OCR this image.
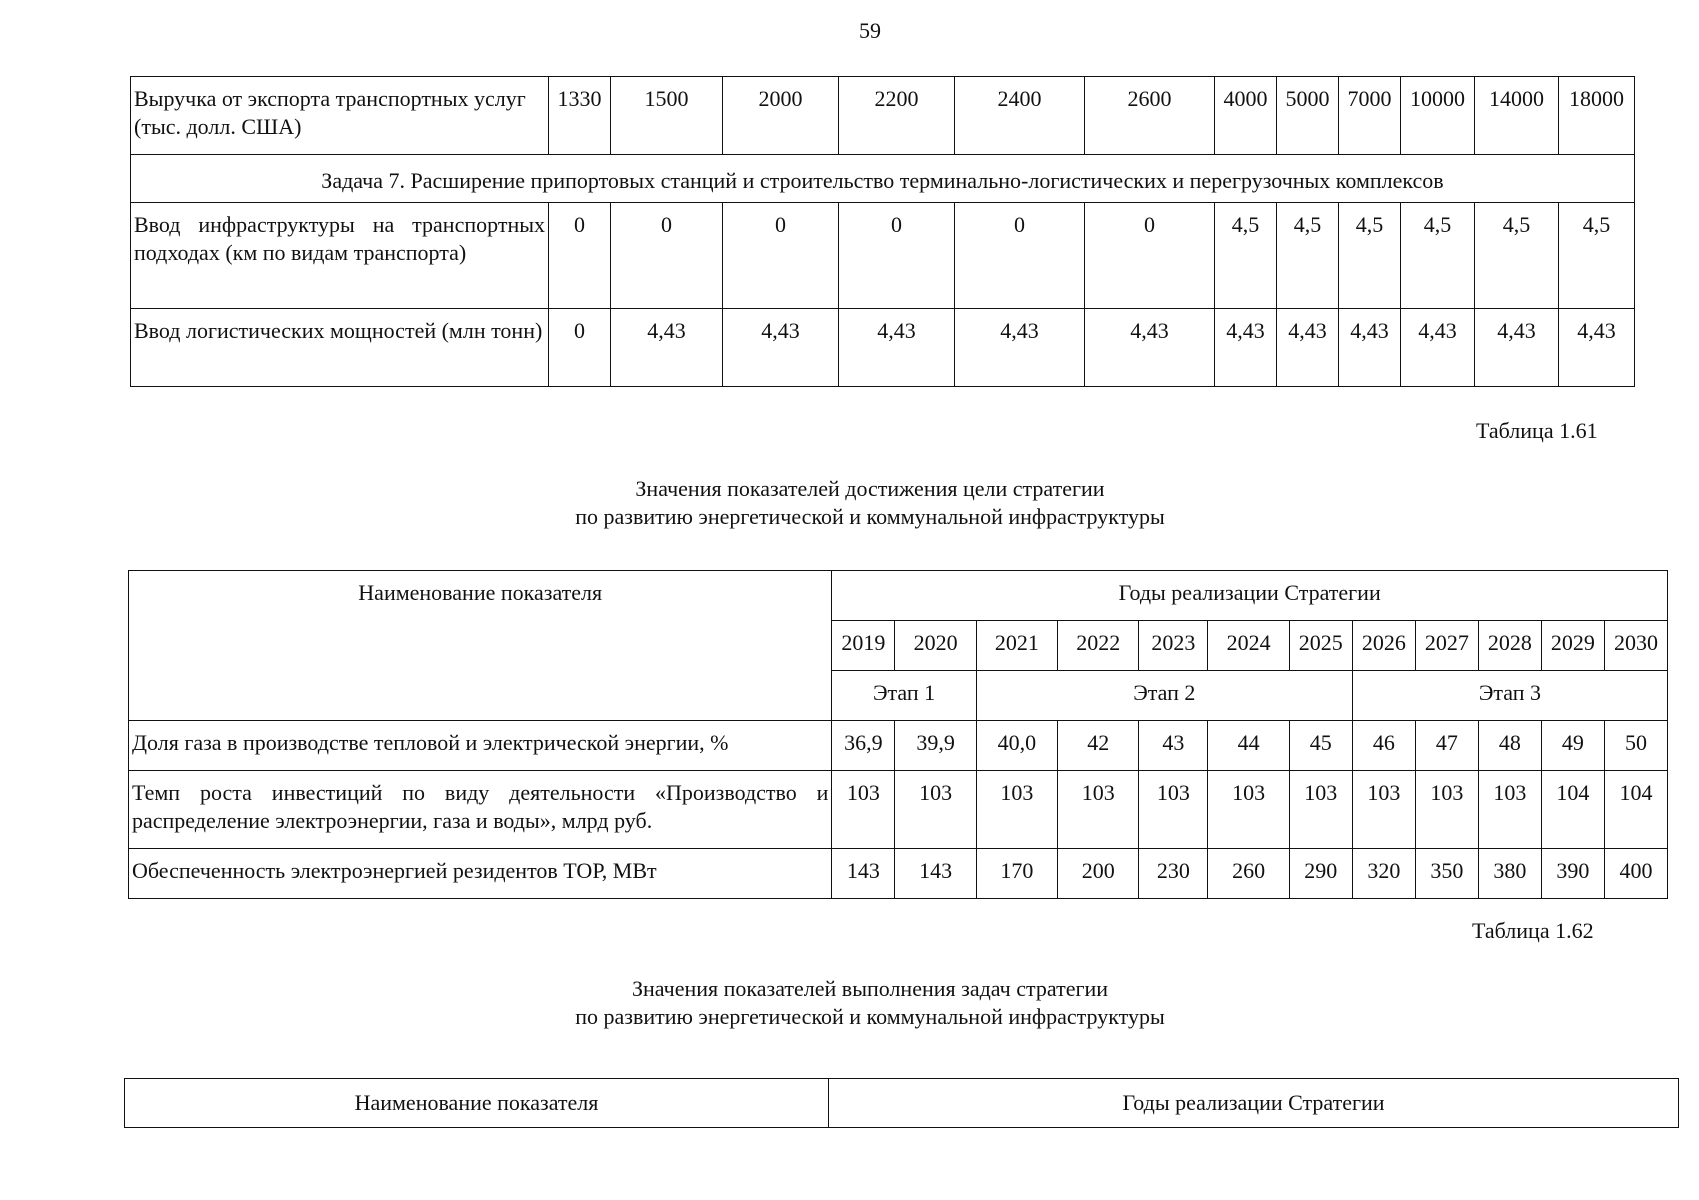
59
Выручка от экспорта транспортных услуг (тыс. долл. США)	1330	1500	2000	2200	2400	2600	4000	5000	7000	10000	14000	18000
Задача 7. Расширение припортовых станций и строительство терминально-логистических и перегрузочных комплексов												
Ввод инфраструктуры на транспортных подходах (км по видам транспорта)	0	0	0	0	0	0	4,5	4,5	4,5	4,5	4,5	4,5
Ввод логистических мощностей (млн тонн)	0	4,43	4,43	4,43	4,43	4,43	4,43	4,43	4,43	4,43	4,43	4,43
Таблица 1.61
Значения показателей достижения цели стратегии
по развитию энергетической и коммунальной инфраструктуры
Наименование показателя	Годы реализации Стратегии											
	2019	2020	2021	2022	2023	2024	2025	2026	2027	2028	2029	2030
	Этап 1		Этап 2					Этап 3				
Доля газа в производстве тепловой и электрической энергии, %	36,9	39,9	40,0	42	43	44	45	46	47	48	49	50
Темп роста инвестиций по виду деятельности «Производство и распределение электроэнергии, газа и воды», млрд руб.	103	103	103	103	103	103	103	103	103	103	104	104
Обеспеченность электроэнергией резидентов ТОР, МВт	143	143	170	200	230	260	290	320	350	380	390	400
Таблица 1.62
Значения показателей выполнения задач стратегии
по развитию энергетической и коммунальной инфраструктуры
Наименование показателя	Годы реализации Стратегии
